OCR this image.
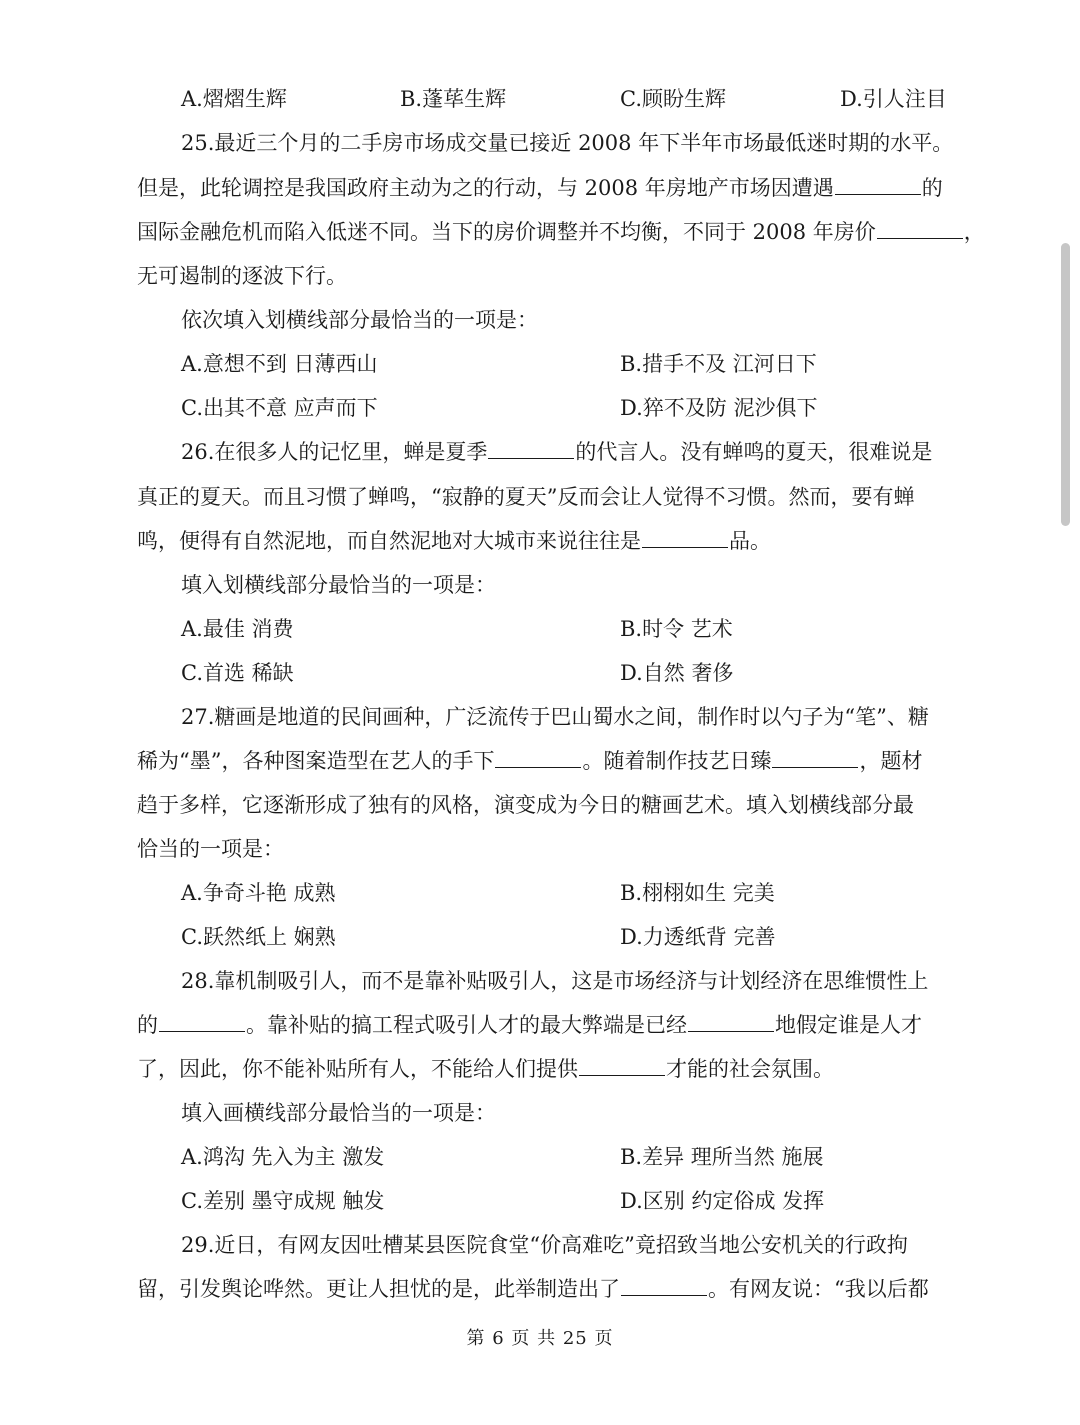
A.熠熠生辉	B.蓬荜生辉	C.顾盼生辉	D.引人注目
25.最近三个月的二手房市场成交量已接近 2008 年下半年市场最低迷时期的水平。
但是，此轮调控是我国政府主动为之的行动，与 2008 年房地产市场因遭遇	的
国际金融危机而陷入低迷不同。当下的房价调整并不均衡，不同于 2008 年房价	，
无可遏制的逐波下行。
依次填入划横线部分最恰当的一项是：
A.意想不到 日薄西山	B.措手不及 江河日下
C.出其不意 应声而下	D.猝不及防 泥沙俱下
26.在很多人的记忆里，蝉是夏季	的代言人。没有蝉鸣的夏天，很难说是
真正的夏天。而且习惯了蝉鸣，“寂静的夏天”反而会让人觉得不习惯。然而，要有蝉
鸣，便得有自然泥地，而自然泥地对大城市来说往往是	品。
填入划横线部分最恰当的一项是：
A.最佳 消费	B.时令 艺术
C.首选 稀缺	D.自然 奢侈
27.糖画是地道的民间画种，广泛流传于巴山蜀水之间，制作时以勺子为“笔”、糖
稀为“墨”，各种图案造型在艺人的手下	。随着制作技艺日臻	，题材
趋于多样，它逐渐形成了独有的风格，演变成为今日的糖画艺术。填入划横线部分最
恰当的一项是：
A.争奇斗艳 成熟	B.栩栩如生 完美
C.跃然纸上 娴熟	D.力透纸背 完善
28.靠机制吸引人，而不是靠补贴吸引人，这是市场经济与计划经济在思维惯性上
的	。靠补贴的搞工程式吸引人才的最大弊端是已经	地假定谁是人才
了，因此，你不能补贴所有人，不能给人们提供	才能的社会氛围。
填入画横线部分最恰当的一项是：
A.鸿沟 先入为主 激发	B.差异 理所当然 施展
C.差别 墨守成规 触发	D.区别 约定俗成 发挥
29.近日，有网友因吐槽某县医院食堂“价高难吃”竟招致当地公安机关的行政拘
留，引发舆论哗然。更让人担忧的是，此举制造出了	。有网友说：“我以后都
第 6 页 共 25 页
